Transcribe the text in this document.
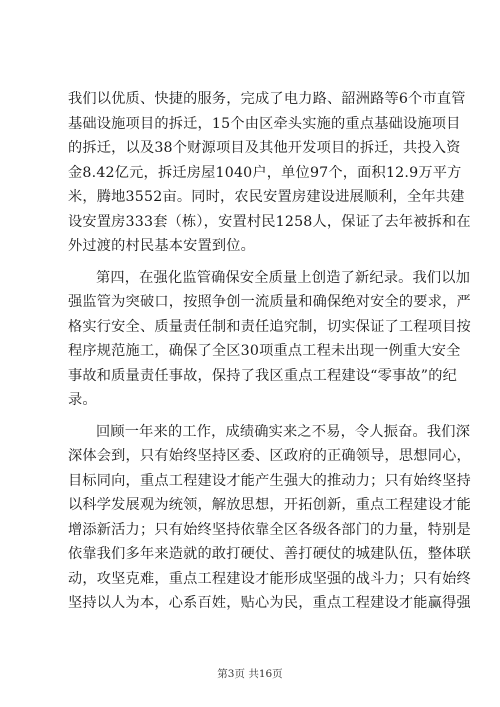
我们以优质、快捷的服务，完成了电力路、韶洲路等6个市直管
基础设施项目的拆迁，15个由区牵头实施的重点基础设施项目
的拆迁，以及38个财源项目及其他开发项目的拆迁，共投入资
金8.42亿元，拆迁房屋1040户，单位97个，面积12.9万平方
米，腾地3552亩。同时，农民安置房建设进展顺利，全年共建
设安置房333套（栋），安置村民1258人，保证了去年被拆和在
外过渡的村民基本安置到位。
第四，在强化监管确保安全质量上创造了新纪录。我们以加
强监管为突破口，按照争创一流质量和确保绝对安全的要求，严
格实行安全、质量责任制和责任追究制，切实保证了工程项目按
程序规范施工，确保了全区30项重点工程未出现一例重大安全
事故和质量责任事故，保持了我区重点工程建设“零事故”的纪
录。
回顾一年来的工作，成绩确实来之不易，令人振奋。我们深
深体会到，只有始终坚持区委、区政府的正确领导，思想同心，
目标同向，重点工程建设才能产生强大的推动力；只有始终坚持
以科学发展观为统领，解放思想，开拓创新，重点工程建设才能
增添新活力；只有始终坚持依靠全区各级各部门的力量，特别是
依靠我们多年来造就的敢打硬仗、善打硬仗的城建队伍，整体联
动，攻坚克难，重点工程建设才能形成坚强的战斗力；只有始终
坚持以人为本，心系百姓，贴心为民，重点工程建设才能赢得强
第3页 共16页
